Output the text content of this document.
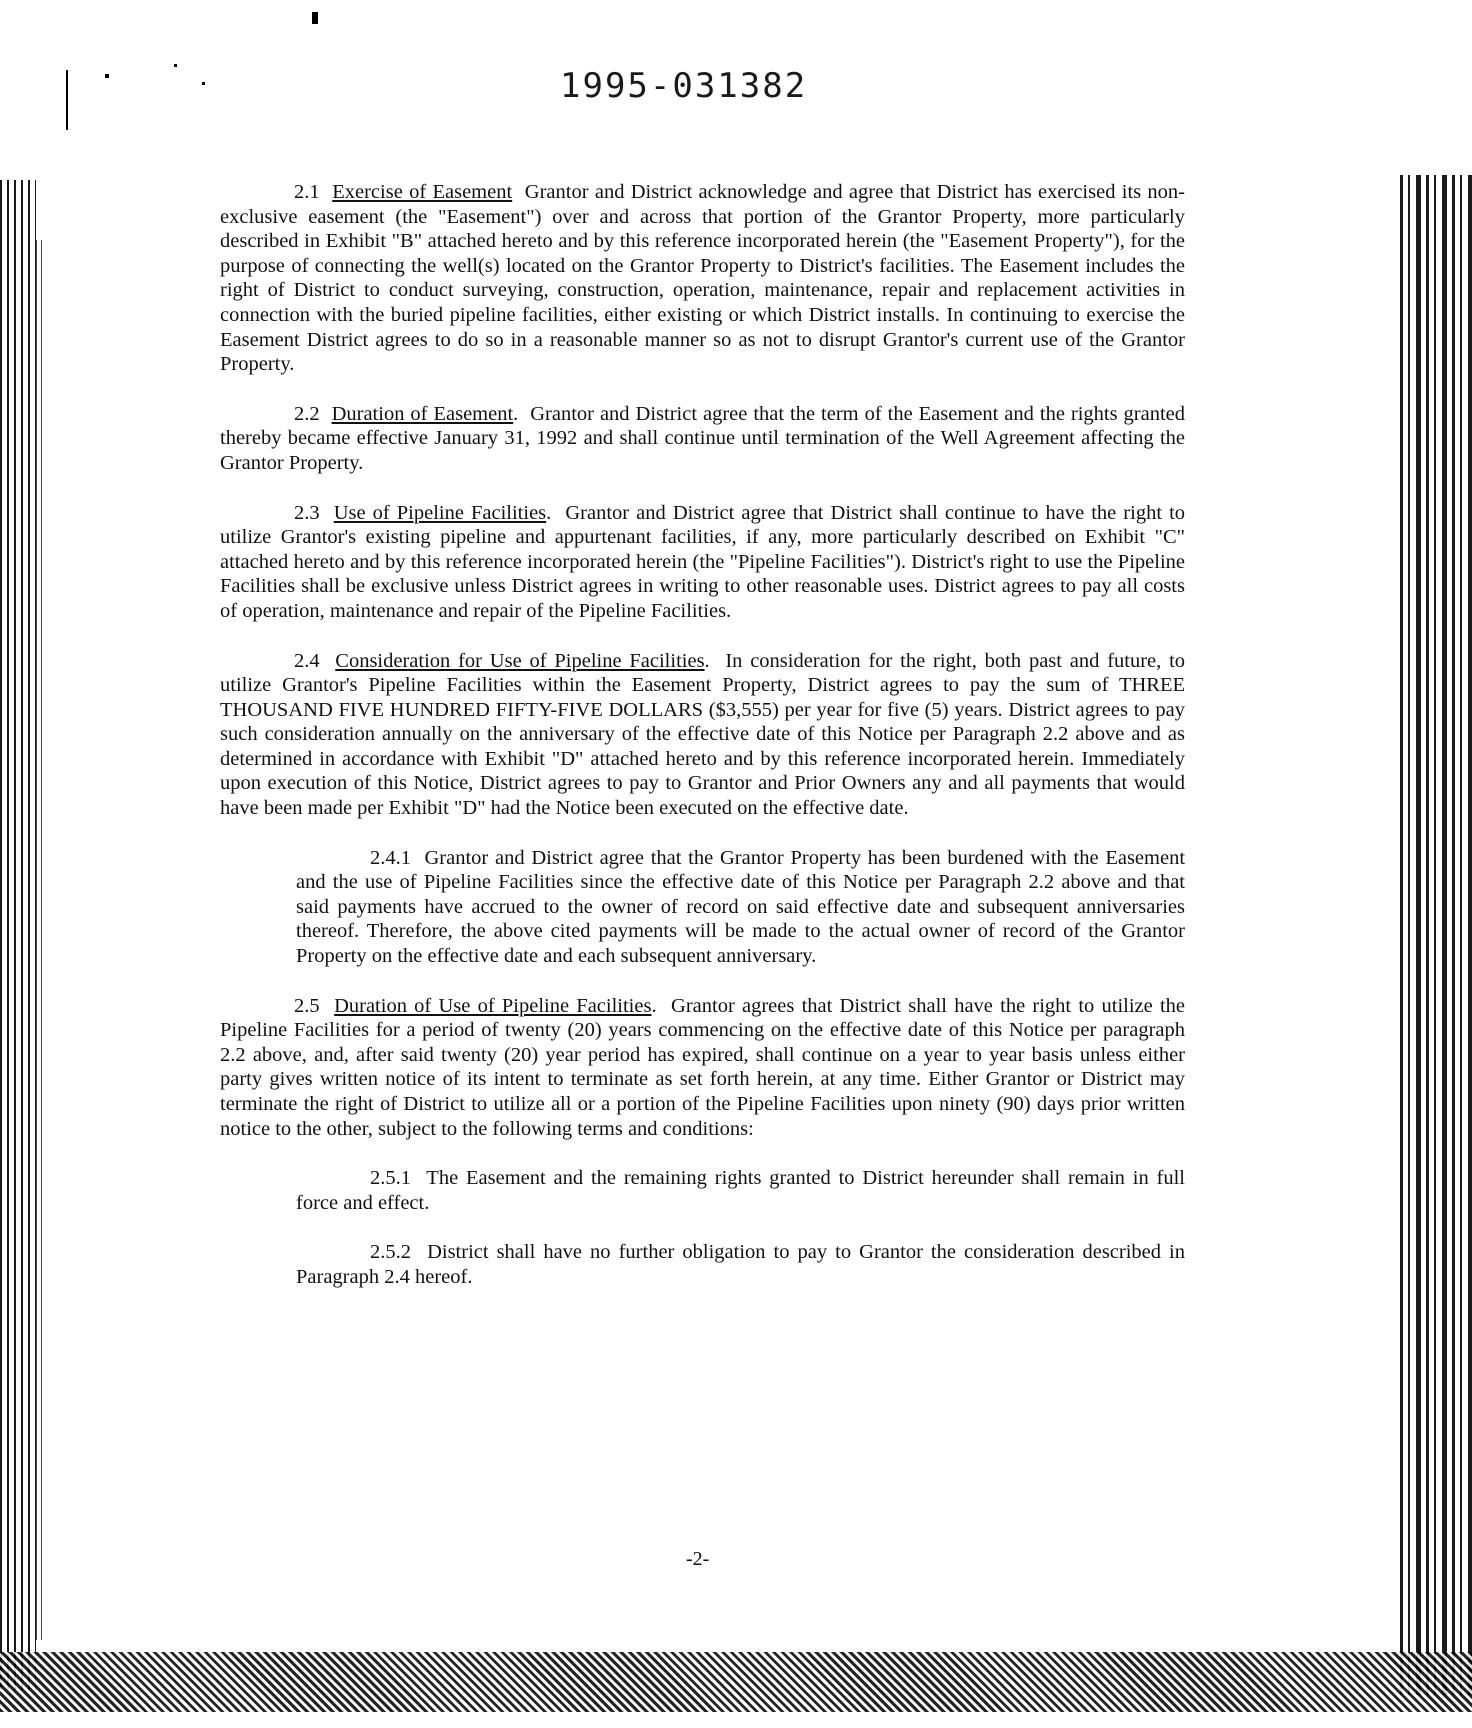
1995-031382

2.1 Exercise of Easement Grantor and District acknowledge and agree that District has exercised its non-exclusive easement (the "Easement") over and across that portion of the Grantor Property, more particularly described in Exhibit "B" attached hereto and by this reference incorporated herein (the "Easement Property"), for the purpose of connecting the well(s) located on the Grantor Property to District's facilities. The Easement includes the right of District to conduct surveying, construction, operation, maintenance, repair and replacement activities in connection with the buried pipeline facilities, either existing or which District installs. In continuing to exercise the Easement District agrees to do so in a reasonable manner so as not to disrupt Grantor's current use of the Grantor Property.

2.2 Duration of Easement.  Grantor and District agree that the term of the Easement and the rights granted thereby became effective January 31, 1992 and shall continue until termination of the Well Agreement affecting the Grantor Property.

2.3 Use of Pipeline Facilities.  Grantor and District agree that District shall continue to have the right to utilize Grantor's existing pipeline and appurtenant facilities, if any, more particularly described on Exhibit "C" attached hereto and by this reference incorporated herein (the "Pipeline Facilities"). District's right to use the Pipeline Facilities shall be exclusive unless District agrees in writing to other reasonable uses. District agrees to pay all costs of operation, maintenance and repair of the Pipeline Facilities.

2.4 Consideration for Use of Pipeline Facilities.  In consideration for the right, both past and future, to utilize Grantor's Pipeline Facilities within the Easement Property, District agrees to pay the sum of THREE THOUSAND FIVE HUNDRED FIFTY-FIVE DOLLARS ($3,555) per year for five (5) years. District agrees to pay such consideration annually on the anniversary of the effective date of this Notice per Paragraph 2.2 above and as determined in accordance with Exhibit "D" attached hereto and by this reference incorporated herein. Immediately upon execution of this Notice, District agrees to pay to Grantor and Prior Owners any and all payments that would have been made per Exhibit "D" had the Notice been executed on the effective date.

2.4.1 Grantor and District agree that the Grantor Property has been burdened with the Easement and the use of Pipeline Facilities since the effective date of this Notice per Paragraph 2.2 above and that said payments have accrued to the owner of record on said effective date and subsequent anniversaries thereof. Therefore, the above cited payments will be made to the actual owner of record of the Grantor Property on the effective date and each subsequent anniversary.

2.5 Duration of Use of Pipeline Facilities.  Grantor agrees that District shall have the right to utilize the Pipeline Facilities for a period of twenty (20) years commencing on the effective date of this Notice per paragraph 2.2 above, and, after said twenty (20) year period has expired, shall continue on a year to year basis unless either party gives written notice of its intent to terminate as set forth herein, at any time. Either Grantor or District may terminate the right of District to utilize all or a portion of the Pipeline Facilities upon ninety (90) days prior written notice to the other, subject to the following terms and conditions:

2.5.1 The Easement and the remaining rights granted to District hereunder shall remain in full force and effect.

2.5.2 District shall have no further obligation to pay to Grantor the consideration described in Paragraph 2.4 hereof.

-2-
